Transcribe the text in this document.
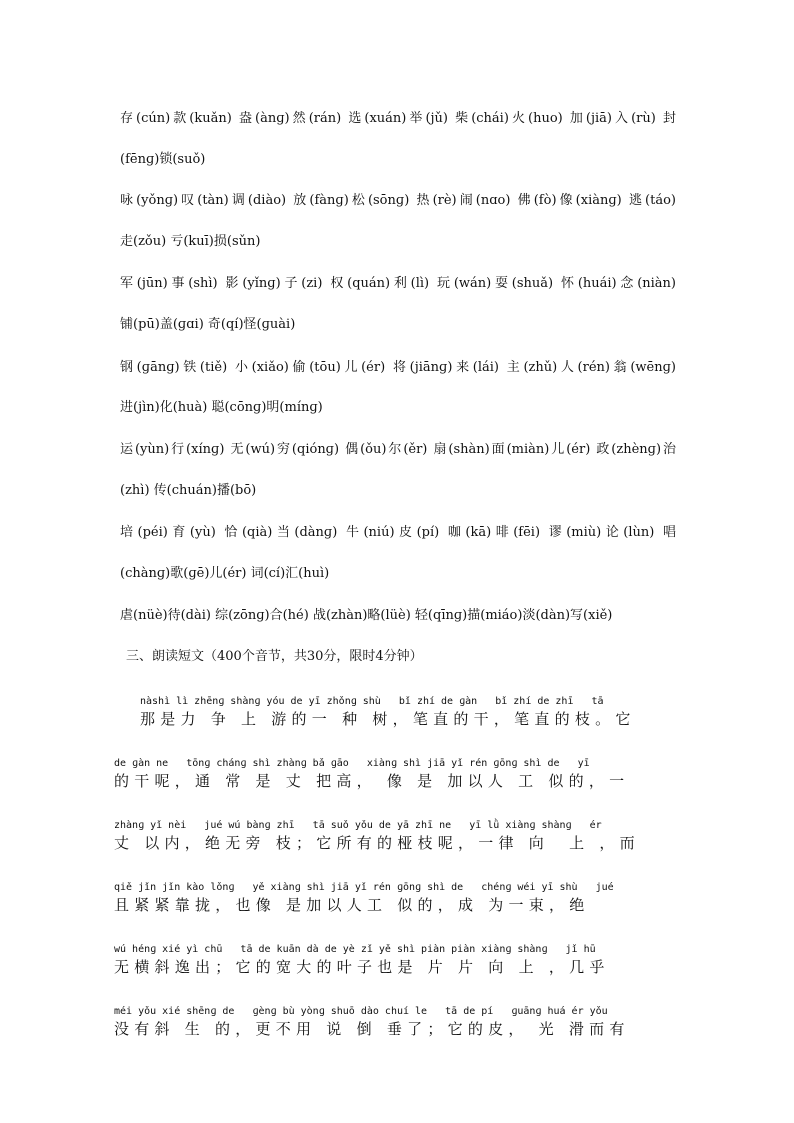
存(cún)款(kuǎn) 盎(ànɡ)然(rán) 选(xuán)举(jǔ) 柴(chái)火(huo) 加(jiā)入(rù) 封
(fēnɡ)锁(suǒ)
咏(yǒnɡ)叹(tàn)调(diào) 放(fànɡ)松(sōnɡ) 热(rè)闹(nɑo) 佛(fò)像(xiànɡ) 逃(táo)
走(zǒu) 亏(kuī)损(sǔn)
军(jūn)事(shì) 影(yǐnɡ)子(zi) 权(quán)利(lì) 玩(wán)耍(shuǎ) 怀(huái)念(niàn)
铺(pū)盖(ɡɑi) 奇(qí)怪(ɡuài)
钢(ɡānɡ)铁(tiě) 小(xiǎo)偷(tōu)儿(ér) 将(jiānɡ)来(lái) 主(zhǔ)人(rén)翁(wēnɡ)
进(jìn)化(huà) 聪(cōnɡ)明(mínɡ)
运(yùn)行(xínɡ) 无(wú)穷(qiónɡ) 偶(ǒu)尔(ěr) 扇(shàn)面(miàn)儿(ér) 政(zhènɡ)治
(zhì) 传(chuán)播(bō)
培(péi)育(yù) 恰(qià)当(dànɡ) 牛(niú)皮(pí) 咖(kā)啡(fēi) 谬(miù)论(lùn) 唱
(chànɡ)歌(ɡē)儿(ér) 词(cí)汇(huì)
虐(nüè)待(dài) 综(zōnɡ)合(hé) 战(zhàn)略(lüè) 轻(qīnɡ)描(miáo)淡(dàn)写(xiě)
三、朗读短文（400个音节，共30分，限时4分钟）
nàshì lì zhēnɡ shànɡ yóu de yī zhǒnɡ shù   bǐ zhí de ɡàn   bǐ zhí de zhī   tā
那是力 争 上 游的一 种 树，笔直的干，笔直的枝。它
de ɡàn ne   tōnɡ chánɡ shì zhànɡ bǎ ɡāo   xiànɡ shì jiā yǐ rén ɡōnɡ shì de   yī
的干呢，通 常 是 丈 把高， 像 是 加以人 工 似的，一
zhànɡ yǐ nèi   jué wú bànɡ zhī   tā suǒ yǒu de yā zhī ne   yī lǜ xiànɡ shànɡ   ér
丈 以内，绝无旁 枝；它所有的桠枝呢，一律 向  上 ，而
qiě jǐn jǐn kào lǒnɡ   yě xiànɡ shì jiā yǐ rén ɡōnɡ shì de   chénɡ wéi yī shù   jué
且紧紧靠拢，也像 是加以人工 似的，成 为一束，绝
wú hénɡ xié yì chū   tā de kuān dà de yè zǐ yě shì piàn piàn xiànɡ shànɡ   jǐ hū
无横斜逸出；它的宽大的叶子也是 片 片 向 上 ，几乎
méi yǒu xié shēnɡ de   ɡènɡ bù yònɡ shuō dào chuí le   tā de pí   ɡuānɡ huá ér yǒu
没有斜 生 的，更不用 说 倒 垂了；它的皮， 光 滑而有
